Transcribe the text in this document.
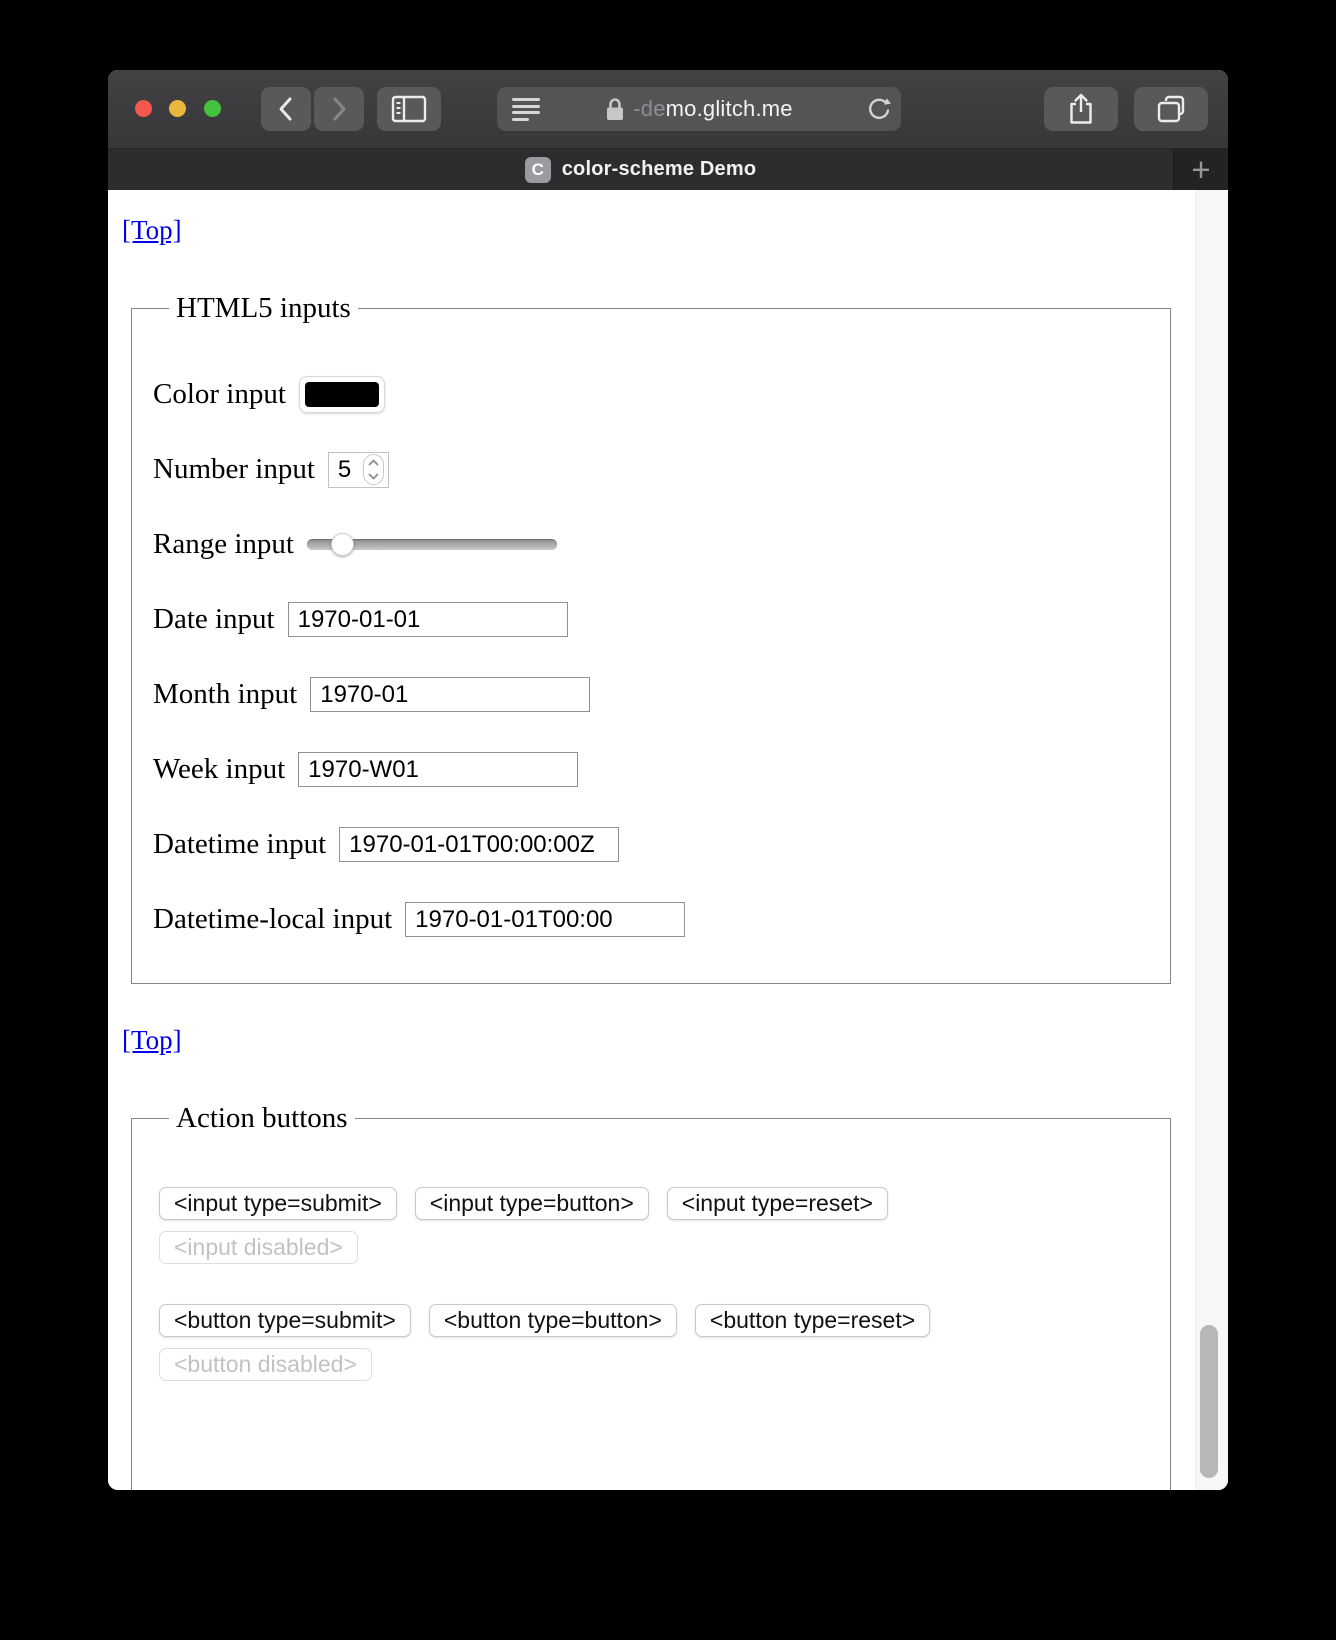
-demo.glitch.me
C color-scheme Demo	+
[Top]
HTML5 inputs
Color input
Number input 5
Range input
Date input 1970-01-01
Month input 1970-01
Week input 1970-W01
Datetime input 1970-01-01T00:00:00Z
Datetime-local input 1970-01-01T00:00
[Top]
Action buttons
<input type=submit>	<input type=button>	<input type=reset>
<input disabled>
<button type=submit>	<button type=button>	<button type=reset>
<button disabled>
